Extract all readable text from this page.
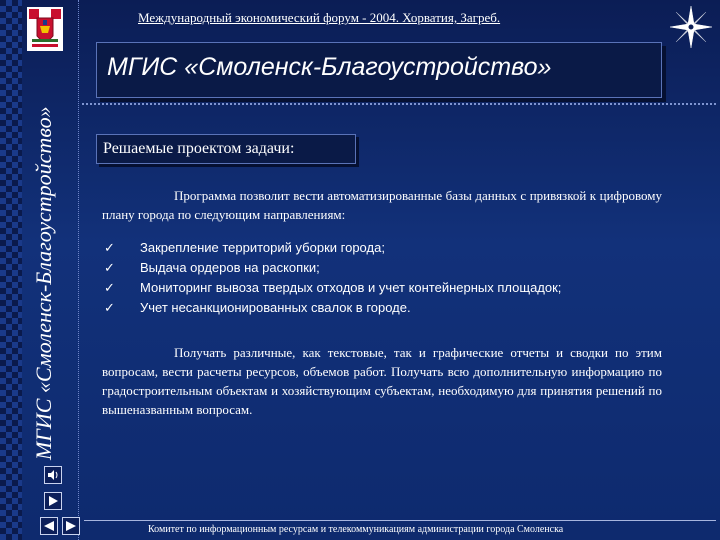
МГИС «Смоленск-Благоустройство»
Международный экономический форум - 2004. Хорватия, Загреб.
МГИС «Смоленск-Благоустройство»
Решаемые проектом задачи:
Программа позволит вести автоматизированные базы данных с привязкой к цифровому плану города по следующим направлениям:
✓ Закрепление территорий уборки города;
✓ Выдача ордеров на раскопки;
✓ Мониторинг вывоза твердых отходов и учет контейнерных площадок;
✓ Учет несанкционированных свалок в городе.
Получать различные, как текстовые, так и графические отчеты и сводки по этим вопросам, вести расчеты ресурсов, объемов работ. Получать всю дополнительную информацию по градостроительным объектам и хозяйствующим субъектам, необходимую для принятия решений по вышеназванным вопросам.
Комитет по информационным ресурсам и телекоммуникациям администрации города Смоленска
